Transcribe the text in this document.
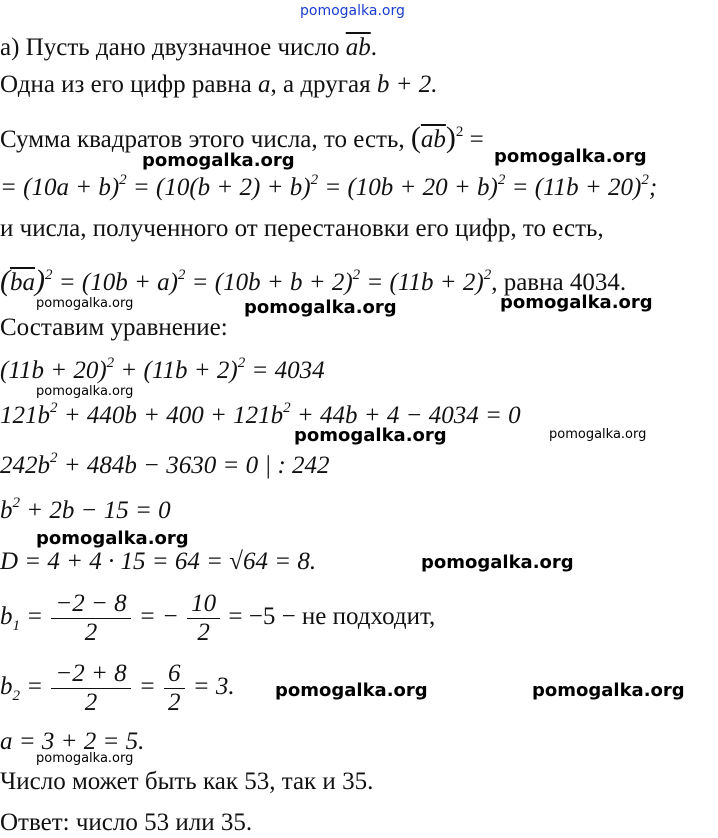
pomogalka.org
а) Пусть дано двузначное число $\overline{ab}$.
Одна из его цифр равна a, а другая b + 2.
Сумма квадратов этого числа, то есть, $(\overline{ab})^2$ =
= $(10a + b)^2 = (10(b + 2) + b)^2 = (10b + 20 + b)^2 = (11b + 20)^2$;
и числа, полученного от перестановки его цифр, то есть,
$(\overline{ba})^2 = (10b + a)^2 = (10b + b + 2)^2 = (11b + 2)^2$, равна 4034.
Составим уравнение:
$(11b + 20)^2 + (11b + 2)^2 = 4034$
$121b^2 + 440b + 400 + 121b^2 + 44b + 4 - 4034 = 0$
$242b^2 + 484b - 3630 = 0$ | : 242
$b^2 + 2b - 15 = 0$
D = 4 + 4 · 15 = 64 = √64 = 8.
$b_1 = \frac{-2 - 8}{2}$ = − $\frac{10}{2} = -5$ − не подходит,
$b_2 = \frac{-2 + 8}{2} = \frac{6}{2} = 3$.
a = 3 + 2 = 5.
Число может быть как 53, так и 35.
Ответ: число 53 или 35.
pomogalka.org	pomogalka.org
pomogalka.org	pomogalka.org	pomogalka.org
pomogalka.org
pomogalka.org	pomogalka.org
pomogalka.org
pomogalka.org
pomogalka.org	pomogalka.org
pomogalka.org
